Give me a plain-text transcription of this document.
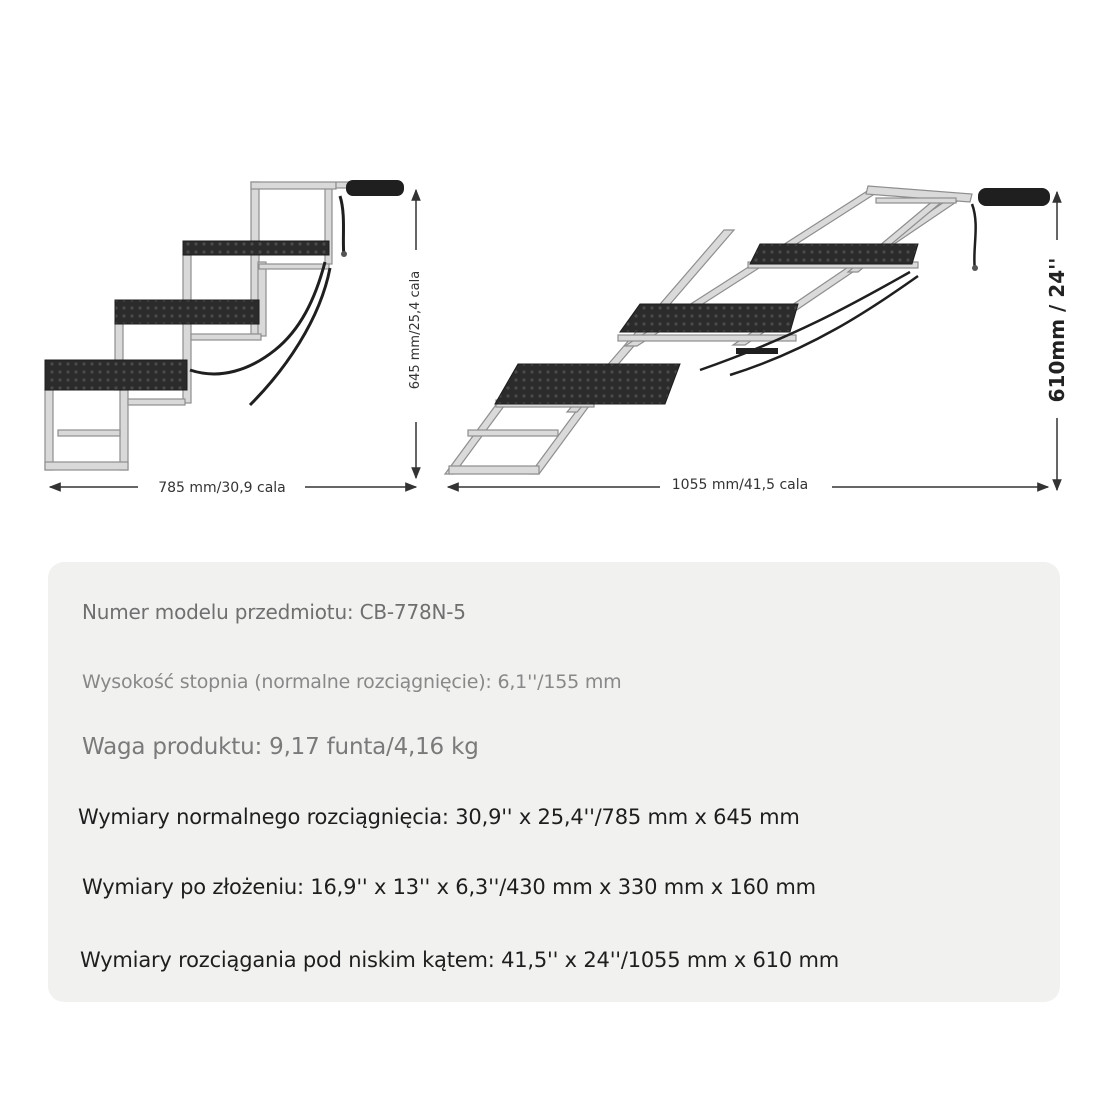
785 mm/30,9 cala
645 mm/25,4 cala
1055 mm/41,5 cala
610mm / 24''

Numer modelu przedmiotu: CB-778N-5

Wysokość stopnia (normalne rozciągnięcie): 6,1''/155 mm

Waga produktu: 9,17 funta/4,16 kg

Wymiary normalnego rozciągnięcia: 30,9'' x 25,4''/785 mm x 645 mm

Wymiary po złożeniu: 16,9'' x 13'' x 6,3''/430 mm x 330 mm x 160 mm

Wymiary rozciągania pod niskim kątem: 41,5'' x 24''/1055 mm x 610 mm
